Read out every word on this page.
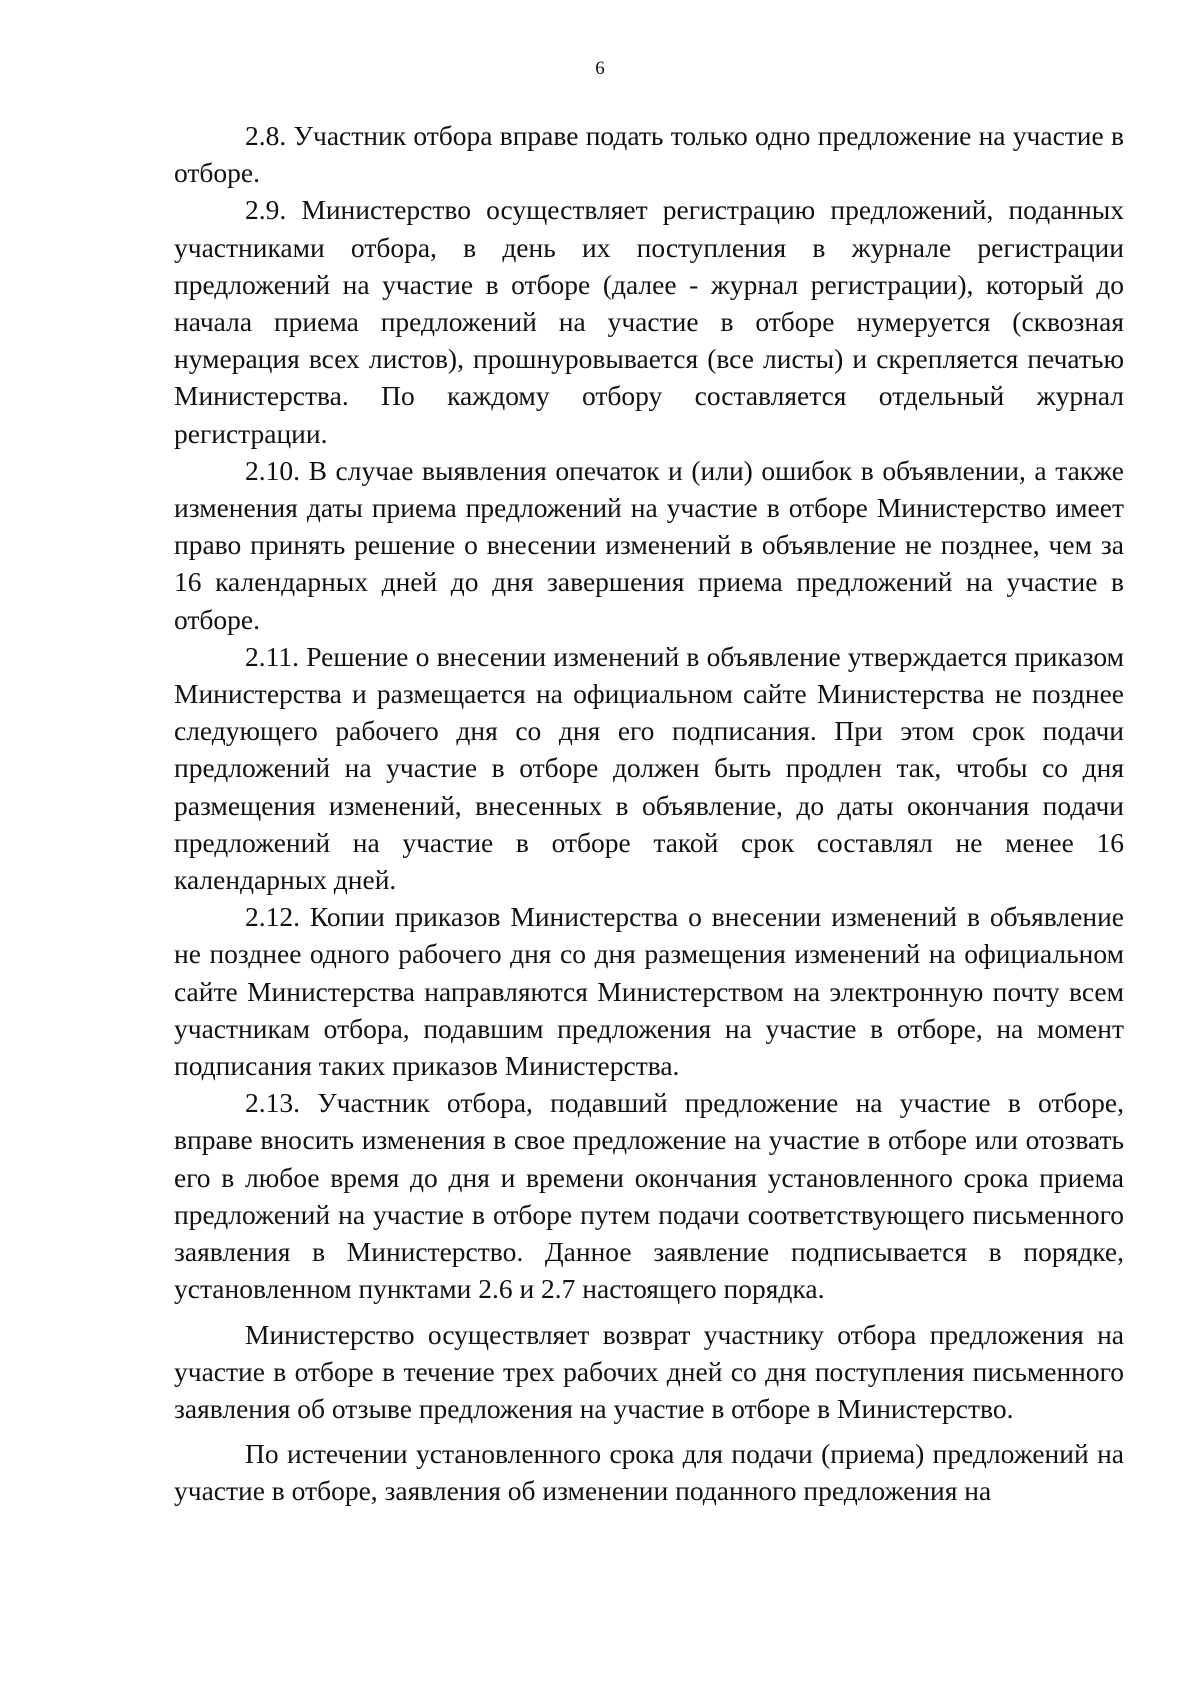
6

2.8. Участник отбора вправе подать только одно предложение на участие в отборе.

2.9. Министерство осуществляет регистрацию предложений, поданных участниками отбора, в день их поступления в журнале регистрации предложений на участие в отборе (далее - журнал регистрации), который до начала приема предложений на участие в отборе нумеруется (сквозная нумерация всех листов), прошнуровывается (все листы) и скрепляется печатью Министерства. По каждому отбору составляется отдельный журнал регистрации.

2.10. В случае выявления опечаток и (или) ошибок в объявлении, а также изменения даты приема предложений на участие в отборе Министерство имеет право принять решение о внесении изменений в объявление не позднее, чем за 16 календарных дней до дня завершения приема предложений на участие в отборе.

2.11. Решение о внесении изменений в объявление утверждается приказом Министерства и размещается на официальном сайте Министерства не позднее следующего рабочего дня со дня его подписания. При этом срок подачи предложений на участие в отборе должен быть продлен так, чтобы со дня размещения изменений, внесенных в объявление, до даты окончания подачи предложений на участие в отборе такой срок составлял не менее 16 календарных дней.

2.12. Копии приказов Министерства о внесении изменений в объявление не позднее одного рабочего дня со дня размещения изменений на официальном сайте Министерства направляются Министерством на электронную почту всем участникам отбора, подавшим предложения на участие в отборе, на момент подписания таких приказов Министерства.

2.13. Участник отбора, подавший предложение на участие в отборе, вправе вносить изменения в свое предложение на участие в отборе или отозвать его в любое время до дня и времени окончания установленного срока приема предложений на участие в отборе путем подачи соответствующего письменного заявления в Министерство. Данное заявление подписывается в порядке, установленном пунктами 2.6 и 2.7 настоящего порядка.

Министерство осуществляет возврат участнику отбора предложения на участие в отборе в течение трех рабочих дней со дня поступления письменного заявления об отзыве предложения на участие в отборе в Министерство.

По истечении установленного срока для подачи (приема) предложений на участие в отборе, заявления об изменении поданного предложения на
